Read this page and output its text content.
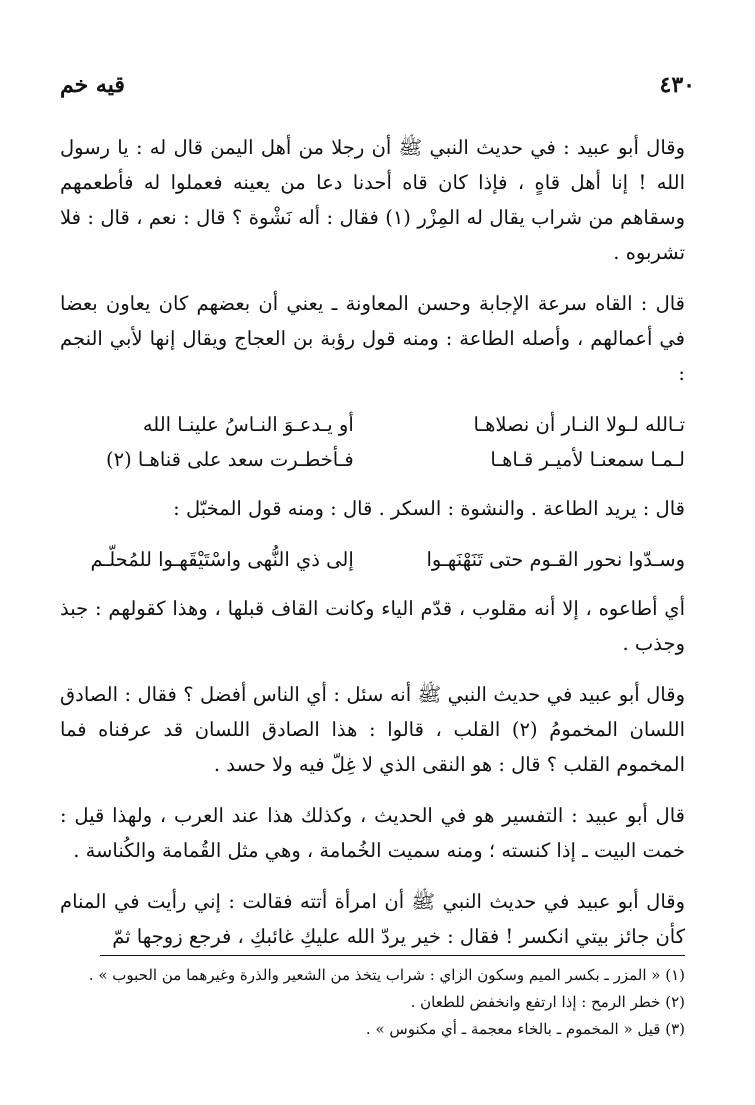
٤٣٠
قيه خم

وقال أبو عبيد : في حديث النبي ﷺ أن رجلا من أهل اليمن قال له : يا رسول الله ! إنا أهل قاهٍ ، فإذا كان قاه أحدنا دعا من يعينه فعملوا له فأطعمهم وسقاهم من شراب يقال له المِزْر (١) فقال : أله نَشْوة ؟ قال : نعم ، قال : فلا تشربوه .

قال : القاه سرعة الإجابة وحسن المعاونة ـ يعني أن بعضهم كان يعاون بعضا في أعمالهم ، وأصله الطاعة : ومنه قول رؤبة بن العجاج ويقال إنها لأبي النجم :

تـالله لـولا النـار أن نصلاهـا
أو يـدعـوَ النـاسُ علينـا الله
لـمـا سمعنـا لأميـر قـاهـا
فـأخطـرت سعد على قناهـا (٢)

قال : يريد الطاعة . والنشوة : السكر . قال : ومنه قول المخبّل :

وسـدّوا نحور القـوم حتى تَنَهْنَهـوا
إلى ذي النُّهى واسْتَيْقَهـوا للمُحلّـم

أي أطاعوه ، إلا أنه مقلوب ، قدّم الياء وكانت القاف قبلها ، وهذا كقولهم : جبذ وجذب .

وقال أبو عبيد في حديث النبي ﷺ أنه سئل : أي الناس أفضل ؟ فقال : الصادق اللسان المخمومُ (٢) القلب ، قالوا : هذا الصادق اللسان قد عرفناه فما المخموم القلب ؟ قال : هو النقى الذي لا غِلّ فيه ولا حسد .

قال أبو عبيد : التفسير هو في الحديث ، وكذلك هذا عند العرب ، ولهذا قيل : خمت البيت ـ إذا كنسته ؛ ومنه سميت الخُمامة ، وهي مثل القُمامة والكُناسة .

وقال أبو عبيد في حديث النبي ﷺ أن امرأة أتته فقالت : إني رأيت في المنام كأن جائز بيتي انكسر ! فقال : خير يردّ الله عليكِ غائبكِ ، فرجع زوجها ثمّ

(١) « المزر ـ بكسر الميم وسكون الزاي : شراب يتخذ من الشعير والذرة وغيرهما من الحبوب » .

(٢) خطر الرمح : إذا ارتفع وانخفض للطعان .

(٣) قيل « المخموم ـ بالخاء معجمة ـ أي مكنوس » .
